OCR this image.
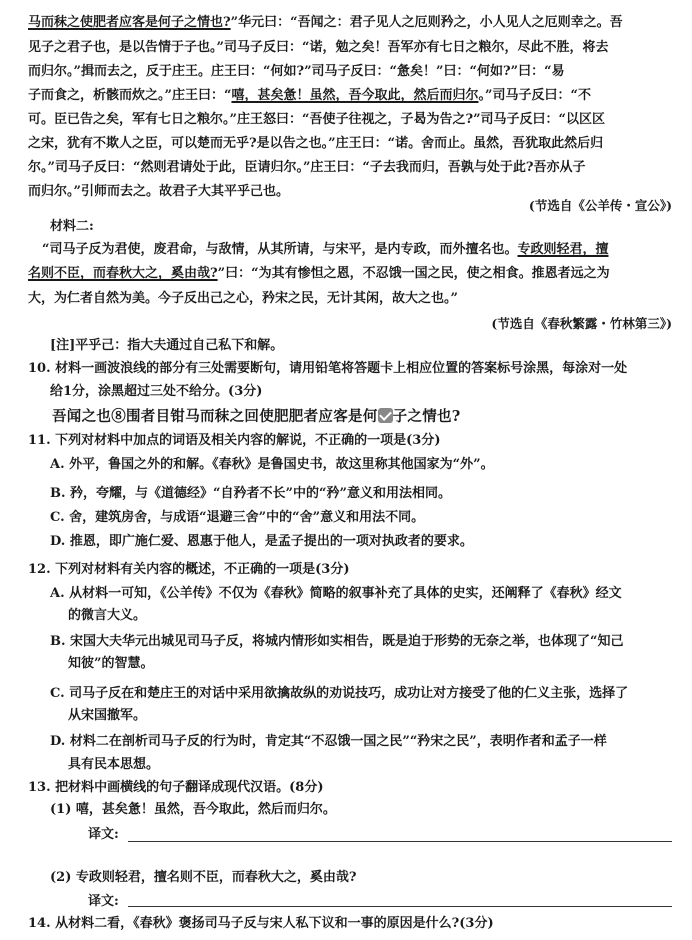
马而秣之使肥者应客是何子之情也?”华元曰：“吾闻之：君子见人之厄则矜之，小人见人之厄则幸之。吾
见子之君子也，是以告情于子也。”司马子反曰：“诺，勉之矣！吾军亦有七日之粮尔，尽此不胜，将去
而归尔。”揖而去之，反于庄王。庄王曰：“何如?”司马子反曰：“惫矣！”曰：“何如?”曰：“易
子而食之，析骸而炊之。”庄王曰：“嘻，甚矣惫！虽然，吾今取此，然后而归尔。”司马子反曰：“不
可。臣已告之矣，军有七日之粮尔。”庄王怒曰：“吾使子往视之，子曷为告之?”司马子反曰：“以区区
之宋，犹有不欺人之臣，可以楚而无乎?是以告之也。”庄王曰：“诺。舍而止。虽然，吾犹取此然后归
尔。”司马子反曰：“然则君请处于此，臣请归尔。”庄王曰：“子去我而归，吾孰与处于此?吾亦从子
而归尔。”引师而去之。故君子大其平乎己也。
(节选自《公羊传・宣公》)
材料二:
“司马子反为君使，废君命，与敌情，从其所请，与宋平，是内专政，而外擅名也。专政则轻君，擅
名则不臣，而春秋大之，奚由哉?”曰：“为其有惨怛之恩，不忍饿一国之民，使之相食。推恩者远之为
大，为仁者自然为美。今子反出己之心，矜宋之民，无计其闲，故大之也。”
(节选自《春秋繁露・竹林第三》)
[注]平乎己：指大夫通过自己私下和解。
10. 材料一画波浪线的部分有三处需要断句，请用铅笔将答题卡上相应位置的答案标号涂黑，每涂对一处
给1分，涂黑超过三处不给分。(3分)
吾闻之也⑧围者目钳马而秣之回使肥肥者应客是何 子之情也?
11. 下列对材料中加点的词语及相关内容的解说，不正确的一项是(3分)
A. 外平，鲁国之外的和解。《春秋》是鲁国史书，故这里称其他国家为“外”。
B. 矜，夸耀，与《道德经》“自矜者不长”中的“矜”意义和用法相同。
C. 舍，建筑房舍，与成语“退避三舍”中的“舍”意义和用法不同。
D. 推恩，即广施仁爱、恩惠于他人，是孟子提出的一项对执政者的要求。
12. 下列对材料有关内容的概述，不正确的一项是(3分)
A. 从材料一可知，《公羊传》不仅为《春秋》简略的叙事补充了具体的史实，还阐释了《春秋》经文
的微言大义。
B. 宋国大夫华元出城见司马子反，将城内情形如实相告，既是迫于形势的无奈之举，也体现了“知己
知彼”的智慧。
C. 司马子反在和楚庄王的对话中采用欲擒故纵的劝说技巧，成功让对方接受了他的仁义主张，选择了
从宋国撤军。
D. 材料二在剖析司马子反的行为时，肯定其“不忍饿一国之民”“矜宋之民”，表明作者和孟子一样
具有民本思想。
13. 把材料中画横线的句子翻译成现代汉语。(8分)
(1) 嘻，甚矣惫！虽然，吾今取此，然后而归尔。
译文:
(2) 专政则轻君，擅名则不臣，而春秋大之，奚由哉?
译文:
14. 从材料二看，《春秋》褒扬司马子反与宋人私下议和一事的原因是什么?(3分)
